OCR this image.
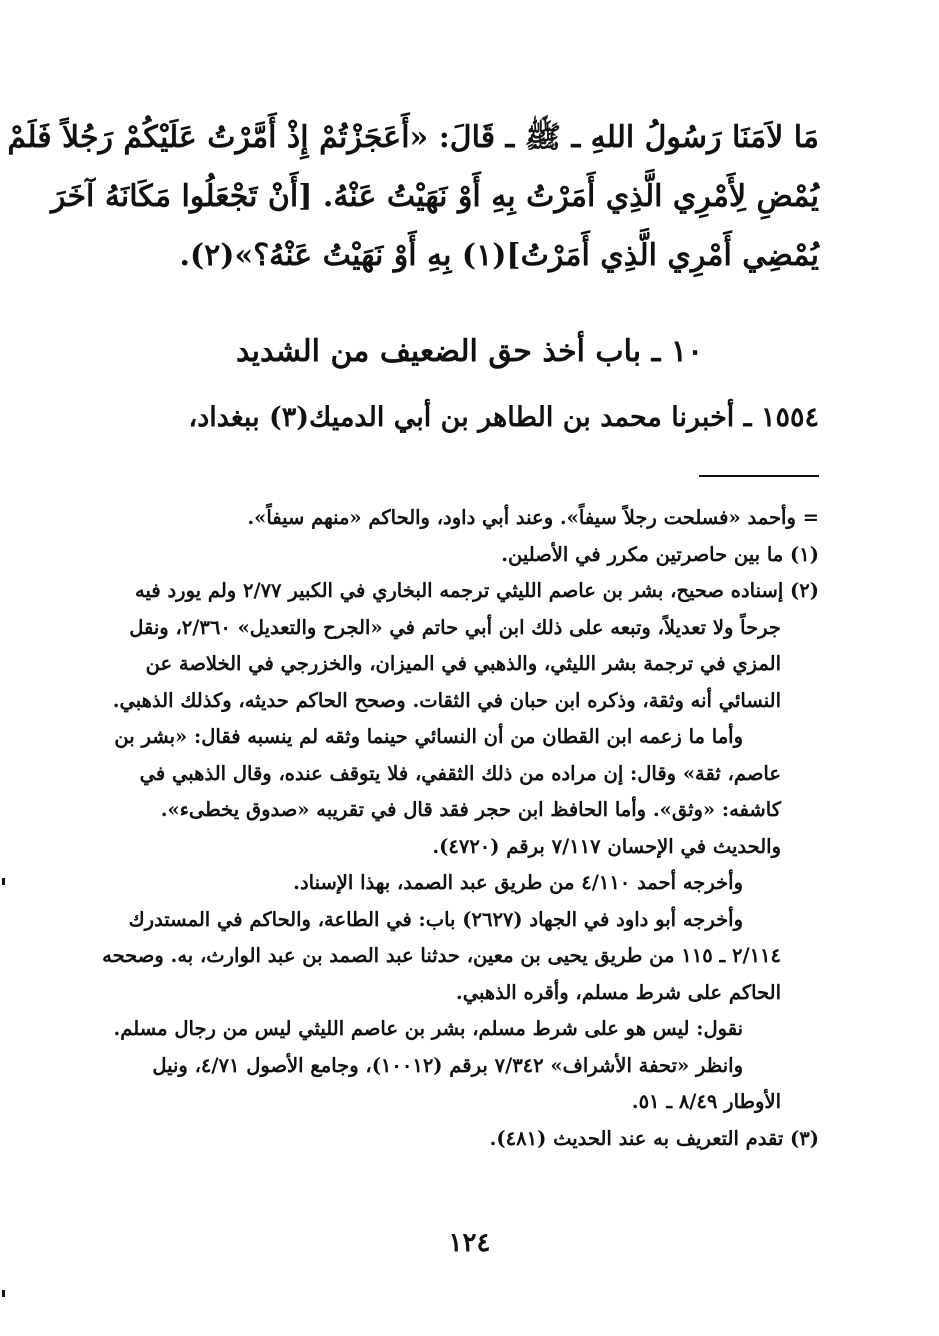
مَا لاَمَنَا رَسُولُ اللهِ ـ ﷺ ـ قَالَ: «أَعَجَزْتُمْ إِذْ أَمَّرْتُ عَلَيْكُمْ رَجُلاً فَلَمْ
يُمْضِ لِأَمْرِي الَّذِي أَمَرْتُ بِهِ أَوْ نَهَيْتُ عَنْهُ. [أَنْ تَجْعَلُوا مَكَانَهُ آخَرَ
يُمْضِي أَمْرِي الَّذِي أَمَرْتُ](١) بِهِ أَوْ نَهَيْتُ عَنْهُ؟»(٢).
١٠ ـ باب أخذ حق الضعيف من الشديد
١٥٥٤ ـ أخبرنا محمد بن الطاهر بن أبي الدميك(٣) ببغداد،

= وأحمد «فسلحت رجلاً سيفاً». وعند أبي داود، والحاكم «منهم سيفاً».

(١) ما بين حاصرتين مكرر في الأصلين.

(٢) إسناده صحيح، بشر بن عاصم الليثي ترجمه البخاري في الكبير ٢/٧٧ ولم يورد فيه جرحاً ولا تعديلاً، وتبعه على ذلك ابن أبي حاتم في «الجرح والتعديل» ٢/٣٦٠، ونقل المزي في ترجمة بشر الليثي، والذهبي في الميزان، والخزرجي في الخلاصة عن النسائي أنه وثقة، وذكره ابن حبان في الثقات. وصحح الحاكم حديثه، وكذلك الذهبي.

وأما ما زعمه ابن القطان من أن النسائي حينما وثقه لم ينسبه فقال: «بشر بن عاصم، ثقة» وقال: إن مراده من ذلك الثقفي، فلا يتوقف عنده، وقال الذهبي في كاشفه: «وثق». وأما الحافظ ابن حجر فقد قال في تقريبه «صدوق يخطىء».

والحديث في الإحسان ٧/١١٧ برقم (٤٧٢٠).

وأخرجه أحمد ٤/١١٠ من طريق عبد الصمد، بهذا الإسناد.

وأخرجه أبو داود في الجهاد (٢٦٢٧) باب: في الطاعة، والحاكم في المستدرك ٢/١١٤ ـ ١١٥ من طريق يحيى بن معين، حدثنا عبد الصمد بن عبد الوارث، به. وصححه الحاكم على شرط مسلم، وأقره الذهبي.

نقول: ليس هو على شرط مسلم، بشر بن عاصم الليثي ليس من رجال مسلم.

وانظر «تحفة الأشراف» ٧/٣٤٢ برقم (١٠٠١٢)، وجامع الأصول ٤/٧١، ونيل الأوطار ٨/٤٩ ـ ٥١.

(٣) تقدم التعريف به عند الحديث (٤٨١).

١٢٤
